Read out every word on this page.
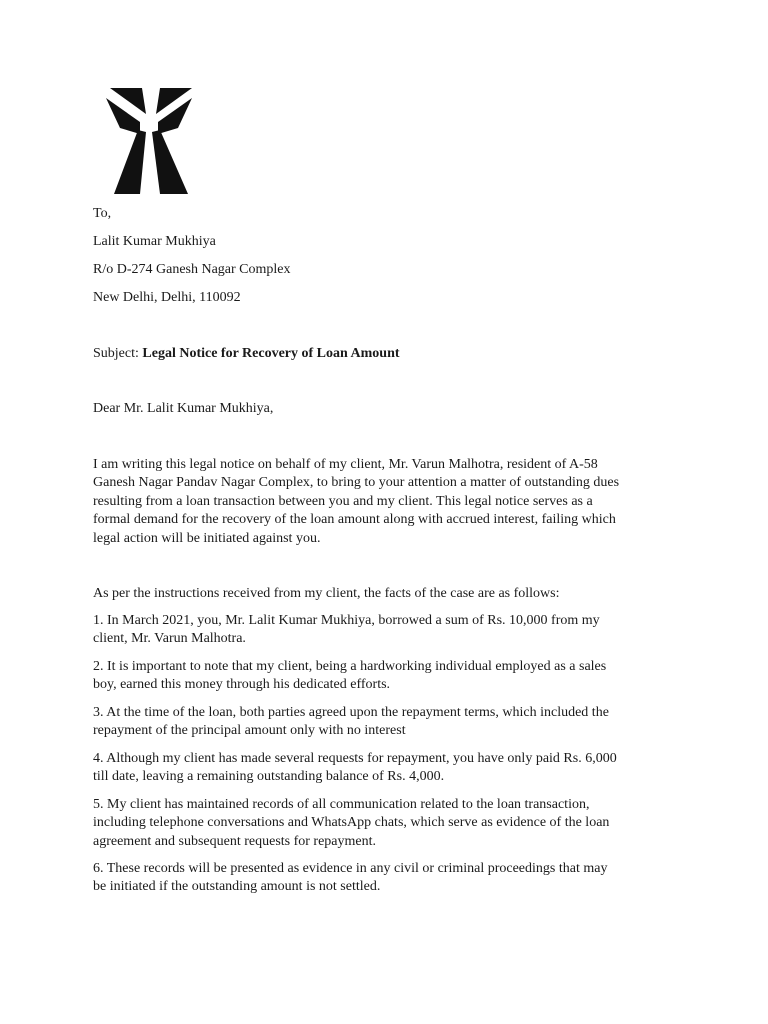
To,
Lalit Kumar Mukhiya
R/o D-274 Ganesh Nagar Complex
New Delhi, Delhi, 110092
Subject: Legal Notice for Recovery of Loan Amount
Dear Mr. Lalit Kumar Mukhiya,
I am writing this legal notice on behalf of my client, Mr. Varun Malhotra, resident of A-58
Ganesh Nagar Pandav Nagar Complex, to bring to your attention a matter of outstanding dues
resulting from a loan transaction between you and my client. This legal notice serves as a
formal demand for the recovery of the loan amount along with accrued interest, failing which
legal action will be initiated against you.
As per the instructions received from my client, the facts of the case are as follows:
1. In March 2021, you, Mr. Lalit Kumar Mukhiya, borrowed a sum of Rs. 10,000 from my
client, Mr. Varun Malhotra.
2. It is important to note that my client, being a hardworking individual employed as a sales
boy, earned this money through his dedicated efforts.
3. At the time of the loan, both parties agreed upon the repayment terms, which included the
repayment of the principal amount only with no interest
4. Although my client has made several requests for repayment, you have only paid Rs. 6,000
till date, leaving a remaining outstanding balance of Rs. 4,000.
5. My client has maintained records of all communication related to the loan transaction,
including telephone conversations and WhatsApp chats, which serve as evidence of the loan
agreement and subsequent requests for repayment.
6. These records will be presented as evidence in any civil or criminal proceedings that may
be initiated if the outstanding amount is not settled.
